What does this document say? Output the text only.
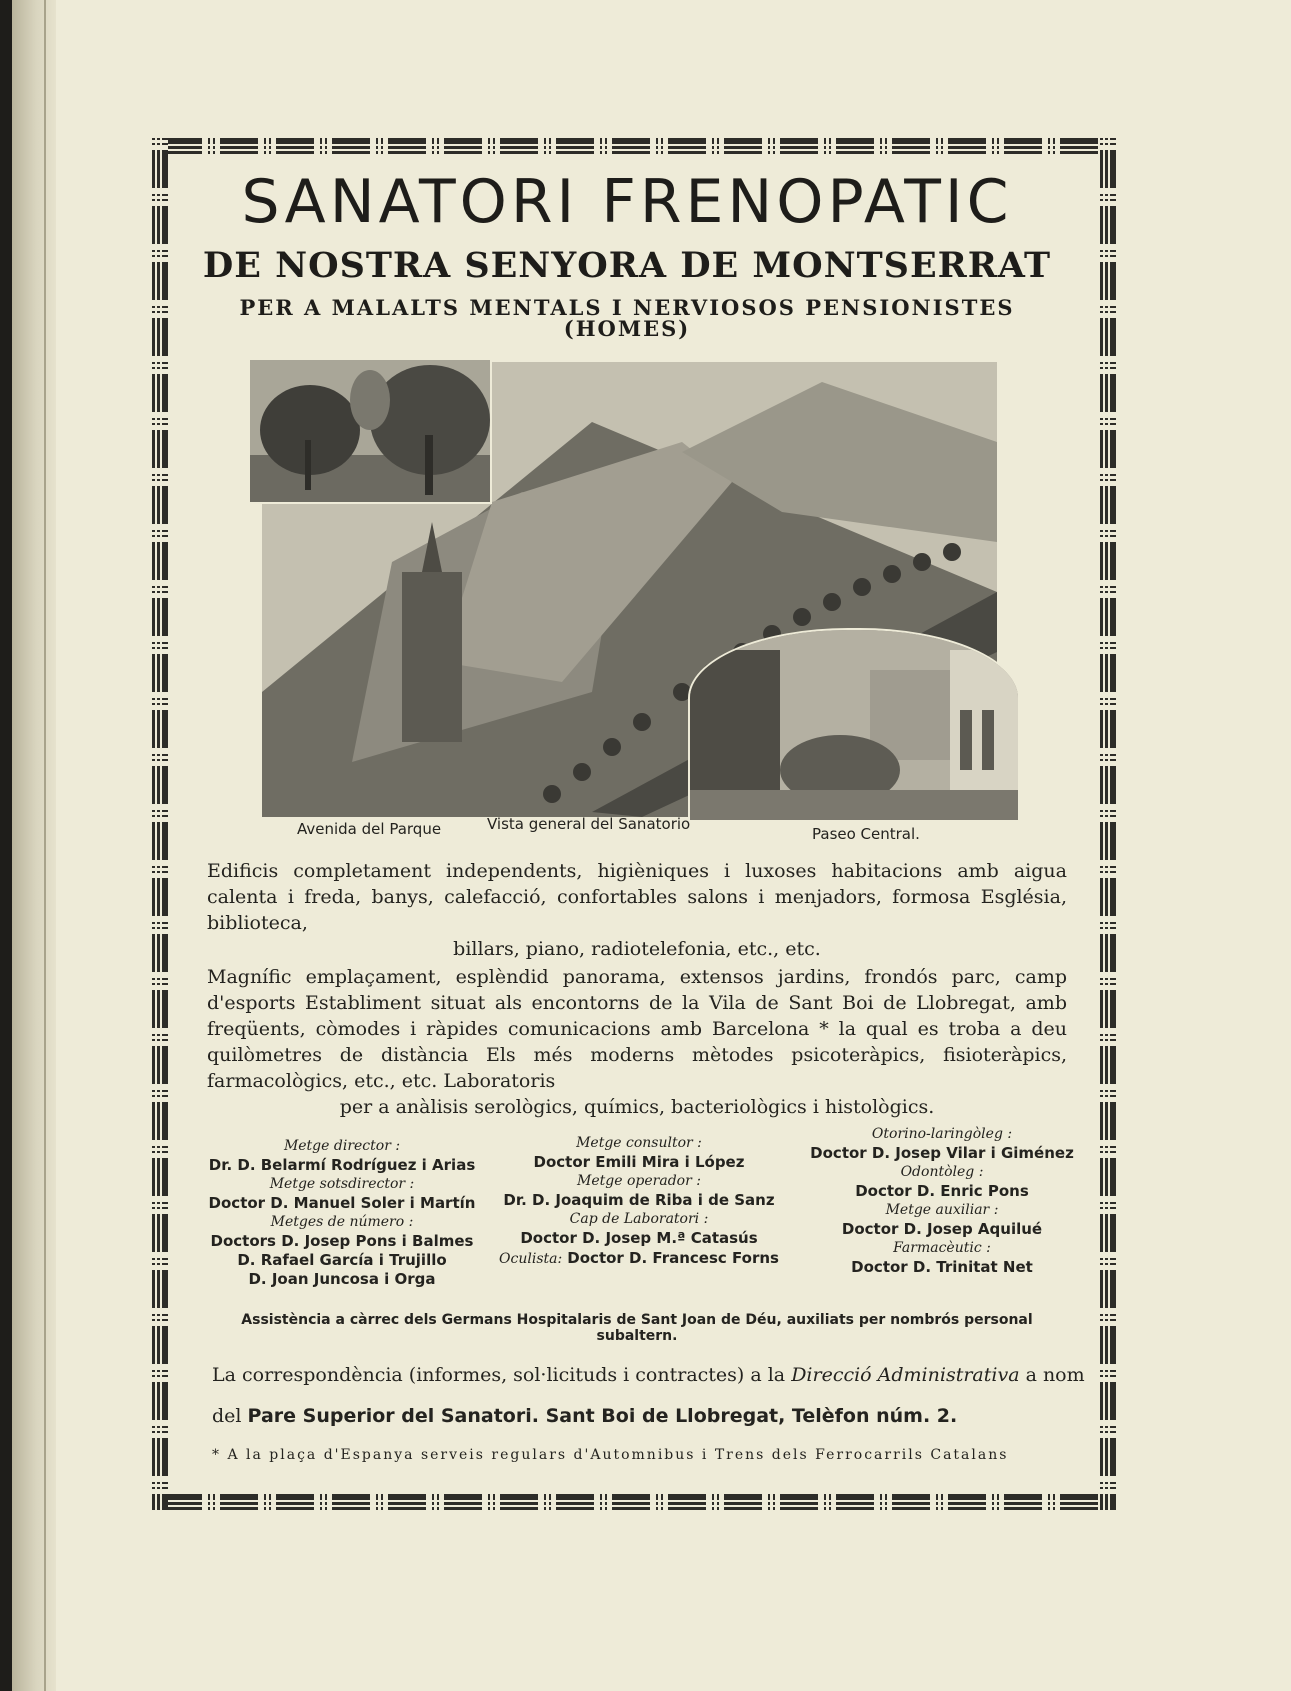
SANATORI FRENOPATIC
DE NOSTRA SENYORA DE MONTSERRAT
PER A MALALTS MENTALS I NERVIOSOS PENSIONISTES (HOMES)
Avenida del Parque	Vista general del Sanatorio
Paseo Central.

Edificis completament independents, higièniques i luxoses habitacions amb aigua calenta i freda, banys, calefacció, confortables salons i menjadors, formosa Església, biblioteca,
billars, piano, radiotelefonia, etc., etc.

Magnífic emplaçament, esplèndid panorama, extensos jardins, frondós parc, camp d'esports Establiment situat als encontorns de la Vila de Sant Boi de Llobregat, amb freqüents, còmodes i ràpides comunicacions amb Barcelona * la qual es troba a deu quilòmetres de distància Els més moderns mètodes psicoteràpics, fisioteràpics, farmacològics, etc., etc. Laboratoris
per a anàlisis serològics, químics, bacteriològics i histològics.

Metge director :
Dr. D. Belarmí Rodríguez i Arias
Metge sotsdirector :
Doctor D. Manuel Soler i Martín
Metges de número :
Doctors D. Josep Pons i Balmes
D. Rafael García i Trujillo
D. Joan Juncosa i Orga
Metge consultor :
Doctor Emili Mira i López
Metge operador :
Dr. D. Joaquim de Riba i de Sanz
Cap de Laboratori :
Doctor D. Josep M.ª Catasús
Oculista: Doctor D. Francesc Forns
Otorino-laringòleg :
Doctor D. Josep Vilar i Giménez
Odontòleg :
Doctor D. Enric Pons
Metge auxiliar :
Doctor D. Josep Aquilué
Farmacèutic :
Doctor D. Trinitat Net

Assistència a càrrec dels Germans Hospitalaris de Sant Joan de Déu, auxiliats per nombrós personal subaltern.

La correspondència (informes, sol·licituds i contractes) a la Direcció Administrativa a nom

del Pare Superior del Sanatori. Sant Boi de Llobregat, Telèfon núm. 2.

* A la plaça d'Espanya serveis regulars d'Automnibus i Trens dels Ferrocarrils Catalans
